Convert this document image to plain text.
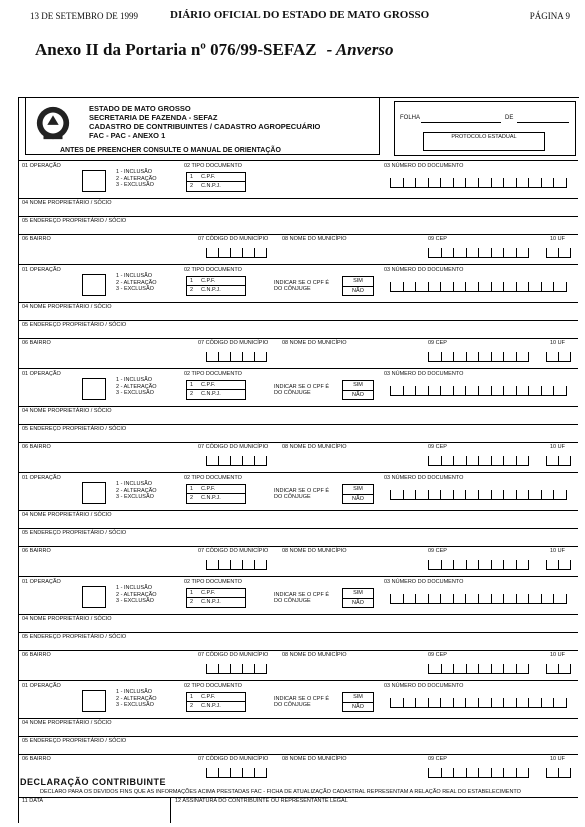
13 DE SETEMBRO DE 1999	DIÁRIO OFICIAL DO ESTADO DE MATO GROSSO	PÁGINA 9
Anexo II da Portaria nº 076/99-SEFAZ - Anverso
ESTADO DE MATO GROSSO
SECRETARIA DE FAZENDA - SEFAZ
CADASTRO DE CONTRIBUINTES / CADASTRO AGROPECUÁRIO
FAC - PAC - ANEXO 1
ANTES DE PREENCHER CONSULTE O MANUAL DE ORIENTAÇÃO
FOLHA	DE
PROTOCOLO ESTADUAL
01 OPERAÇÃO
1 - INCLUSÃO
2 - ALTERAÇÃO
3 - EXCLUSÃO
02 TIPO DOCUMENTO
1 C.P.F.
2 C.N.P.J.
03 NÚMERO DO DOCUMENTO
04 NOME PROPRIETÁRIO / SÓCIO
05 ENDEREÇO PROPRIETÁRIO / SÓCIO
06 BAIRRO	07 CÓDIGO DO MUNICÍPIO 08 NOME DO MUNICÍPIO	09 CEP	10 UF
01 OPERAÇÃO
1 - INCLUSÃO
2 - ALTERAÇÃO
3 - EXCLUSÃO
02 TIPO DOCUMENTO
1 C.P.F.
2 C.N.P.J.
INDICAR SE O CPF É DO CÔNJUGE
SIM
NÃO
03 NÚMERO DO DOCUMENTO
04 NOME PROPRIETÁRIO / SÓCIO
05 ENDEREÇO PROPRIETÁRIO / SÓCIO
06 BAIRRO	07 CÓDIGO DO MUNICÍPIO 08 NOME DO MUNICÍPIO	09 CEP	10 UF
01 OPERAÇÃO
1 - INCLUSÃO
2 - ALTERAÇÃO
3 - EXCLUSÃO
02 TIPO DOCUMENTO
1 C.P.F.
2 C.N.P.J.
INDICAR SE O CPF É DO CÔNJUGE
SIM
NÃO
03 NÚMERO DO DOCUMENTO
04 NOME PROPRIETÁRIO / SÓCIO
05 ENDEREÇO PROPRIETÁRIO / SÓCIO
06 BAIRRO	07 CÓDIGO DO MUNICÍPIO 08 NOME DO MUNICÍPIO	09 CEP	10 UF
01 OPERAÇÃO
1 - INCLUSÃO
2 - ALTERAÇÃO
3 - EXCLUSÃO
02 TIPO DOCUMENTO
1 C.P.F.
2 C.N.P.J.
INDICAR SE O CPF É DO CÔNJUGE
SIM
NÃO
03 NÚMERO DO DOCUMENTO
04 NOME PROPRIETÁRIO / SÓCIO
05 ENDEREÇO PROPRIETÁRIO / SÓCIO
06 BAIRRO	07 CÓDIGO DO MUNICÍPIO 08 NOME DO MUNICÍPIO	09 CEP	10 UF
01 OPERAÇÃO
1 - INCLUSÃO
2 - ALTERAÇÃO
3 - EXCLUSÃO
02 TIPO DOCUMENTO
1 C.P.F.
2 C.N.P.J.
INDICAR SE O CPF É DO CÔNJUGE
SIM
NÃO
03 NÚMERO DO DOCUMENTO
04 NOME PROPRIETÁRIO / SÓCIO
05 ENDEREÇO PROPRIETÁRIO / SÓCIO
06 BAIRRO	07 CÓDIGO DO MUNICÍPIO 08 NOME DO MUNICÍPIO	09 CEP	10 UF
01 OPERAÇÃO
1 - INCLUSÃO
2 - ALTERAÇÃO
3 - EXCLUSÃO
02 TIPO DOCUMENTO
1 C.P.F.
2 C.N.P.J.
INDICAR SE O CPF É DO CÔNJUGE
SIM
NÃO
03 NÚMERO DO DOCUMENTO
04 NOME PROPRIETÁRIO / SÓCIO
05 ENDEREÇO PROPRIETÁRIO / SÓCIO
06 BAIRRO	07 CÓDIGO DO MUNICÍPIO 08 NOME DO MUNICÍPIO	09 CEP	10 UF
DECLARAÇÃO CONTRIBUINTE
DECLARO PARA OS DEVIDOS FINS QUE AS INFORMAÇÕES ACIMA PRESTADAS FAC - FICHA DE ATUALIZAÇÃO CADASTRAL REPRESENTAM A RELAÇÃO REAL DO ESTABELECIMENTO
11 DATA	12 ASSINATURA DO CONTRIBUINTE OU REPRESENTANTE LEGAL
